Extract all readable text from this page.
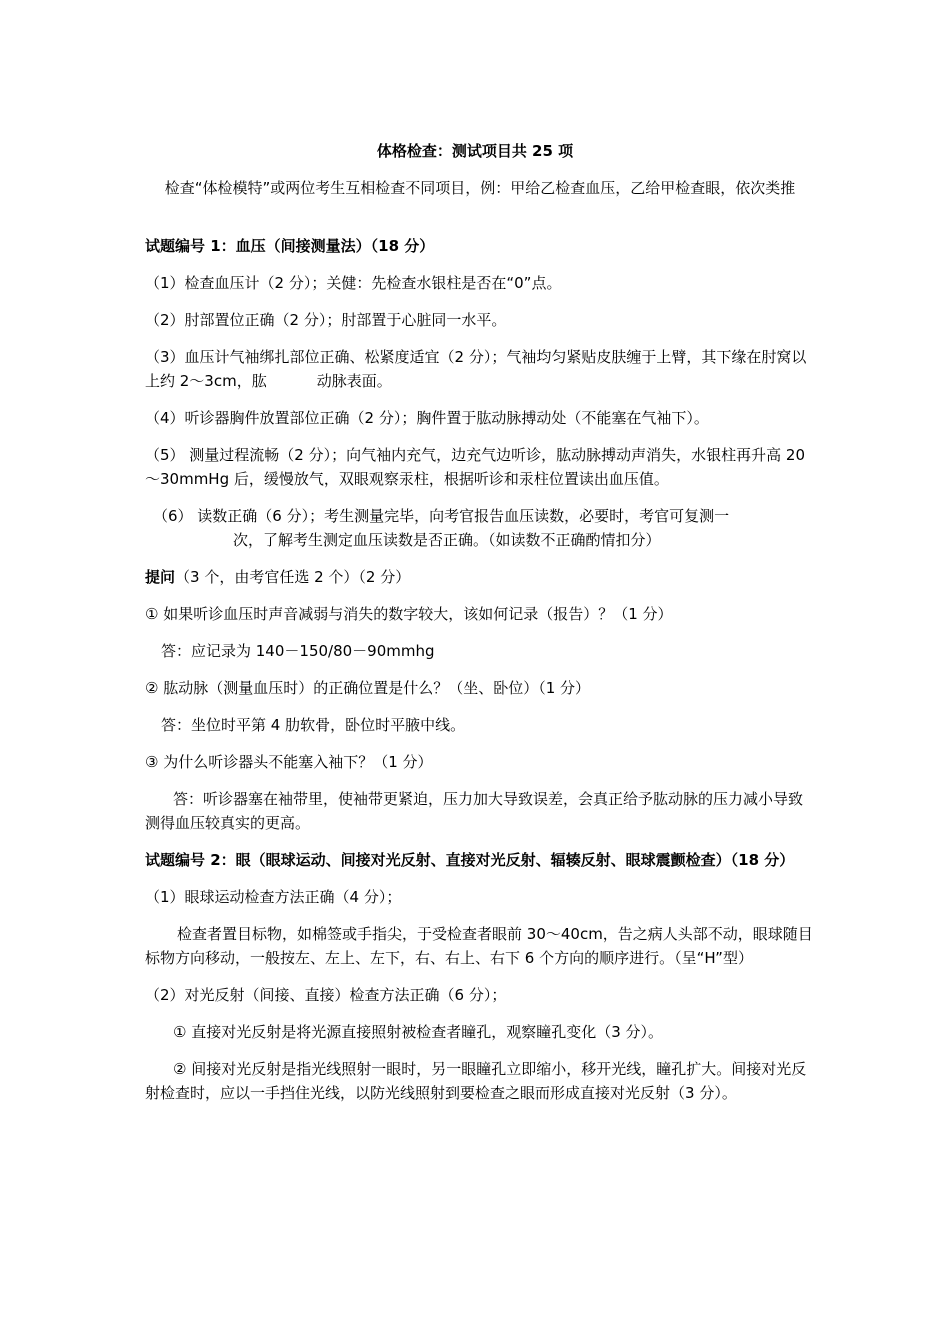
体格检查：测试项目共 25 项
检查“体检模特”或两位考生互相检查不同项目，例：甲给乙检查血压，乙给甲检查眼，依次类推
试题编号 1：血压（间接测量法）（18 分）
（1）检查血压计（2 分）；关健：先检查水银柱是否在“0”点。
（2）肘部置位正确（2 分）；肘部置于心脏同一水平。
（3）血压计气袖绑扎部位正确、松紧度适宜（2 分）；气袖均匀紧贴皮肤缠于上臂，其下缘在肘窝以上约 2～3cm，肱	动脉表面。
（4）听诊器胸件放置部位正确（2 分）；胸件置于肱动脉搏动处（不能塞在气袖下）。
（5） 测量过程流畅（2 分）；向气袖内充气，边充气边听诊，肱动脉搏动声消失，水银柱再升高 20～30mmHg 后，缓慢放气，双眼观察汞柱，根据听诊和汞柱位置读出血压值。
（6） 读数正确（6 分）；考生测量完毕，向考官报告血压读数，必要时，考官可复测一
次，了解考生测定血压读数是否正确。（如读数不正确酌情扣分）
提问（3 个，由考官任选 2 个）（2 分）
① 如果听诊血压时声音减弱与消失的数字较大，该如何记录（报告）？（1 分）
答：应记录为 140－150/80－90mmhg
② 肱动脉（测量血压时）的正确位置是什么？（坐、卧位）（1 分）
答：坐位时平第 4 肋软骨，卧位时平腋中线。
③ 为什么听诊器头不能塞入袖下？（1 分）
答：听诊器塞在袖带里，使袖带更紧迫，压力加大导致误差，会真正给予肱动脉的压力减小导致测得血压较真实的更高。
试题编号 2：眼（眼球运动、间接对光反射、直接对光反射、辐辏反射、眼球震颤检查）（18 分）
（1）眼球运动检查方法正确（4 分）；
检查者置目标物，如棉签或手指尖，于受检查者眼前 30～40cm，告之病人头部不动，眼球随目标物方向移动，一般按左、左上、左下，右、右上、右下 6 个方向的顺序进行。（呈“H”型）
（2）对光反射（间接、直接）检查方法正确（6 分）；
① 直接对光反射是将光源直接照射被检查者瞳孔，观察瞳孔变化（3 分）。
② 间接对光反射是指光线照射一眼时，另一眼瞳孔立即缩小，移开光线，瞳孔扩大。间接对光反射检查时，应以一手挡住光线，以防光线照射到要检查之眼而形成直接对光反射（3 分）。
